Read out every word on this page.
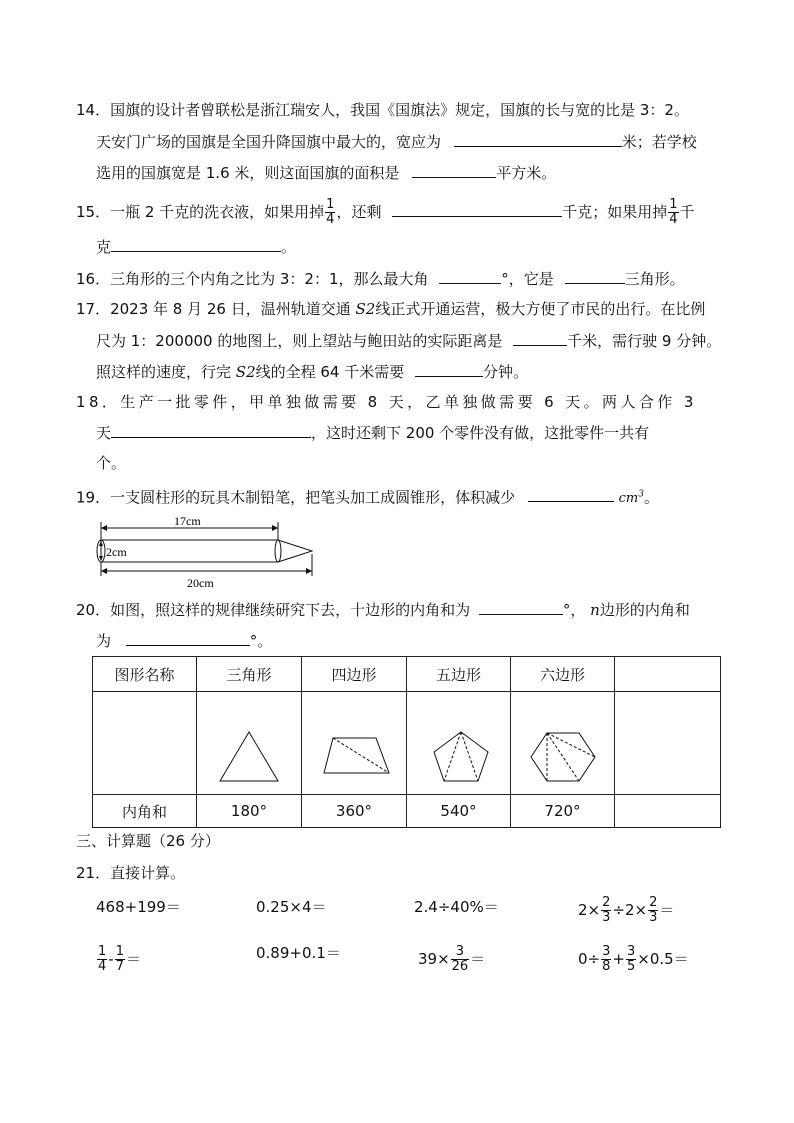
14．国旗的设计者曾联松是浙江瑞安人，我国《国旗法》规定，国旗的长与宽的比是 3：2。
天安门广场的国旗是全国升降国旗中最大的，宽应为	米；若学校
选用的国旗宽是 1.6 米，则这面国旗的面积是	平方米。
15．一瓶 2 千克的洗衣液，如果用掉 $\frac{1}{4}$ ，还剩	千克；如果用掉 $\frac{1}{4}$ 千
克	。
16．三角形的三个内角之比为 3：2：1，那么最大角	°，它是	三角形。
17．2023 年 8 月 26 日，温州轨道交通 S2线正式开通运营，极大方便了市民的出行。在比例
尺为 1：200000 的地图上，则上望站与鲍田站的实际距离是	千米，需行驶 9 分钟。
照这样的速度，行完 S2线的全程 64 千米需要	分钟。
18．生产一批零件，甲单独做需要 8 天，乙单独做需要 6 天。两人合作 3
天	，这时还剩下 200 个零件没有做，这批零件一共有
个。
19．一支圆柱形的玩具木制铅笔，把笔头加工成圆锥形，体积减少	$cm^3$。
17cm
2cm
20cm
20．如图，照这样的规律继续研究下去，十边形的内角和为	°， n边形的内角和
为	°。
图形名称	三角形	四边形	五边形	六边形	

内角和	180°	360°	540°	720°	
三、计算题（26 分）
21．直接计算。
468+199＝	0.25×4＝	2.4÷40%＝	$2\times \frac{2}{3} \div 2\times \frac{2}{3}$ ＝
$\frac{1}{4} - \frac{1}{7}$ ＝	0.89+0.1＝	$39\times \frac{3}{26}$ ＝	$0\div \frac{3}{8} + \frac{3}{5} \times 0.5=$
